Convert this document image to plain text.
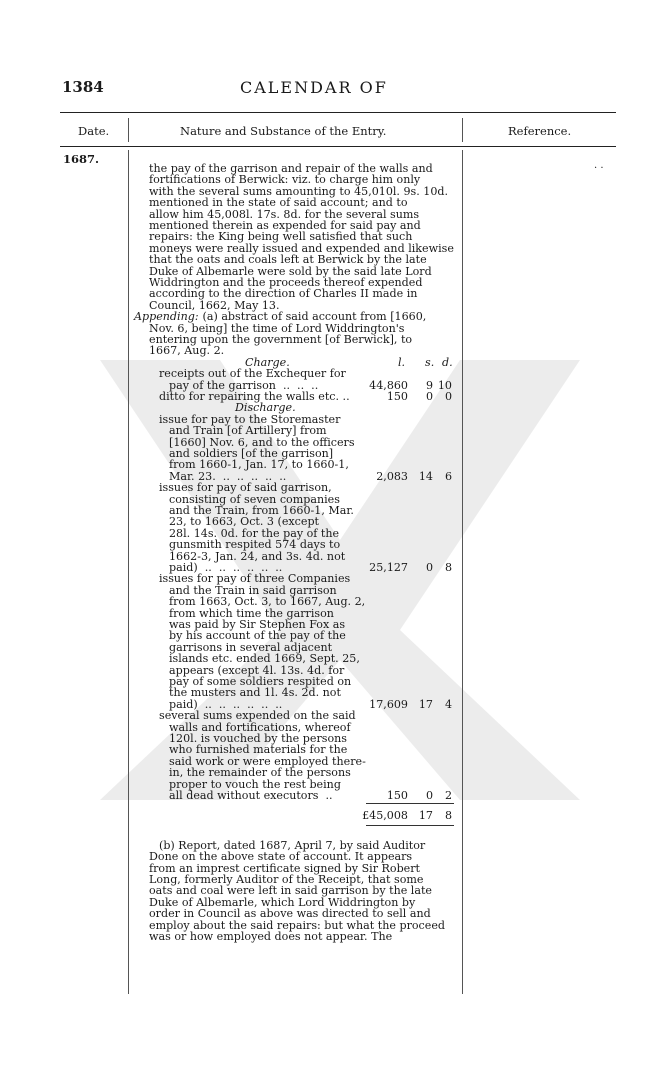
1384	CALENDAR OF
Date.	Nature and Substance of the Entry.	Reference.
1687.	. .
the pay of the garrison and repair of the walls and
fortifications of Berwick: viz. to charge him only
with the several sums amounting to 45,010l. 9s. 10d.
mentioned in the state of said account; and to
allow him 45,008l. 17s. 8d. for the several sums
mentioned therein as expended for said pay and
repairs: the King being well satisfied that such
moneys were really issued and expended and likewise
that the oats and coals left at Berwick by the late
Duke of Albemarle were sold by the said late Lord
Widdrington and the proceeds thereof expended
according to the direction of Charles II made in
Council, 1662, May 13.
Appending: (a) abstract of said account from [1660,
Nov. 6, being] the time of Lord Widdrington's
entering upon the government [of Berwick], to
1667, Aug. 2.
Charge.	l. s. d.
receipts out of the Exchequer for
pay of the garrison  ..  ..  ..	44,860	9 10
ditto for repairing the walls etc. ..	150	0	0
Discharge.
issue for pay to the Storemaster
and Train [of Artillery] from
[1660] Nov. 6, and to the officers
and soldiers [of the garrison]
from 1660-1, Jan. 17, to 1660-1,
Mar. 23.  ..  ..  ..  ..  ..	2,083 14	6
issues for pay of said garrison,
consisting of seven companies
and the Train, from 1660-1, Mar.
23, to 1663, Oct. 3 (except
28l. 14s. 0d. for the pay of the
gunsmith respited 574 days to
1662-3, Jan. 24, and 3s. 4d. not
paid)  ..  ..  ..  ..  ..  ..	25,127	0	8
issues for pay of three Companies
and the Train in said garrison
from 1663, Oct. 3, to 1667, Aug. 2,
from which time the garrison
was paid by Sir Stephen Fox as
by his account of the pay of the
garrisons in several adjacent
islands etc. ended 1669, Sept. 25,
appears (except 4l. 13s. 4d. for
pay of some soldiers respited on
the musters and 1l. 4s. 2d. not
paid)  ..  ..  ..  ..  ..  ..	17,609 17	4
several sums expended on the said
walls and fortifications, whereof
120l. is vouched by the persons
who furnished materials for the
said work or were employed there-
in, the remainder of the persons
proper to vouch the rest being
all dead without executors  ..	150	0	2
£45,008 17	8
(b) Report, dated 1687, April 7, by said Auditor
Done on the above state of account. It appears
from an imprest certificate signed by Sir Robert
Long, formerly Auditor of the Receipt, that some
oats and coal were left in said garrison by the late
Duke of Albemarle, which Lord Widdrington by
order in Council as above was directed to sell and
employ about the said repairs: but what the proceed
was or how employed does not appear. The
